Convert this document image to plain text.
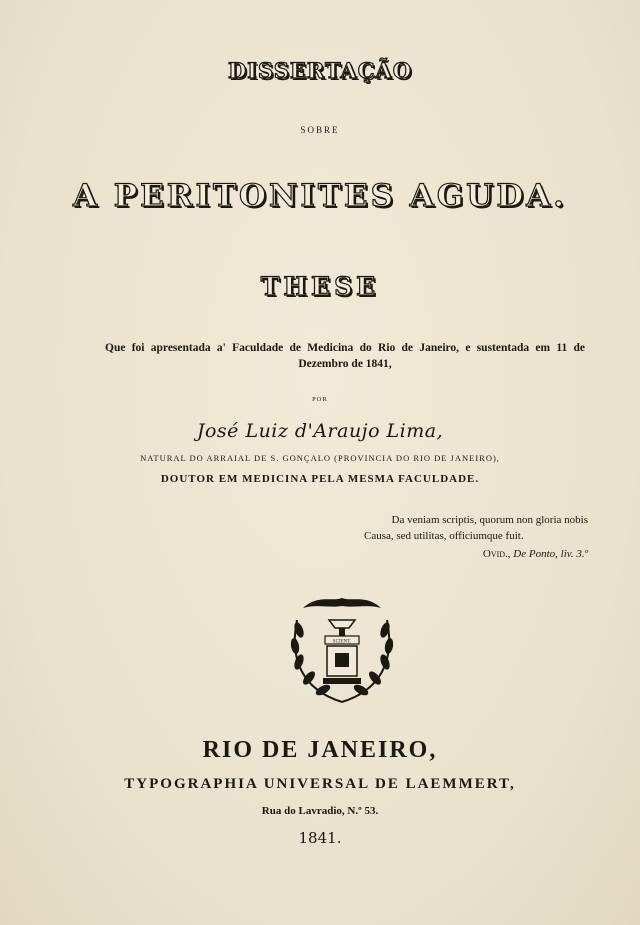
DISSERTAÇÃO
SOBRE
A PERITONITES AGUDA.
THESE
Que foi apresentada a' Faculdade de Medicina do Rio de Janeiro, e sustentada em 11 de Dezembro de 1841,
POR
José Luiz d'Araujo Lima,
NATURAL DO ARRAIAL DE S. GONÇALO (PROVINCIA DO RIO DE JANEIRO),
DOUTOR EM MEDICINA PELA MESMA FACULDADE.
Da veniam scriptis, quorum non gloria nobis
Causa, sed utilitas, officiumque fuit.
Ovid., De Ponto, liv. 3.º
SCIENT.
RIO DE JANEIRO,
TYPOGRAPHIA UNIVERSAL DE LAEMMERT,
Rua do Lavradio, N.º 53.
1841.
